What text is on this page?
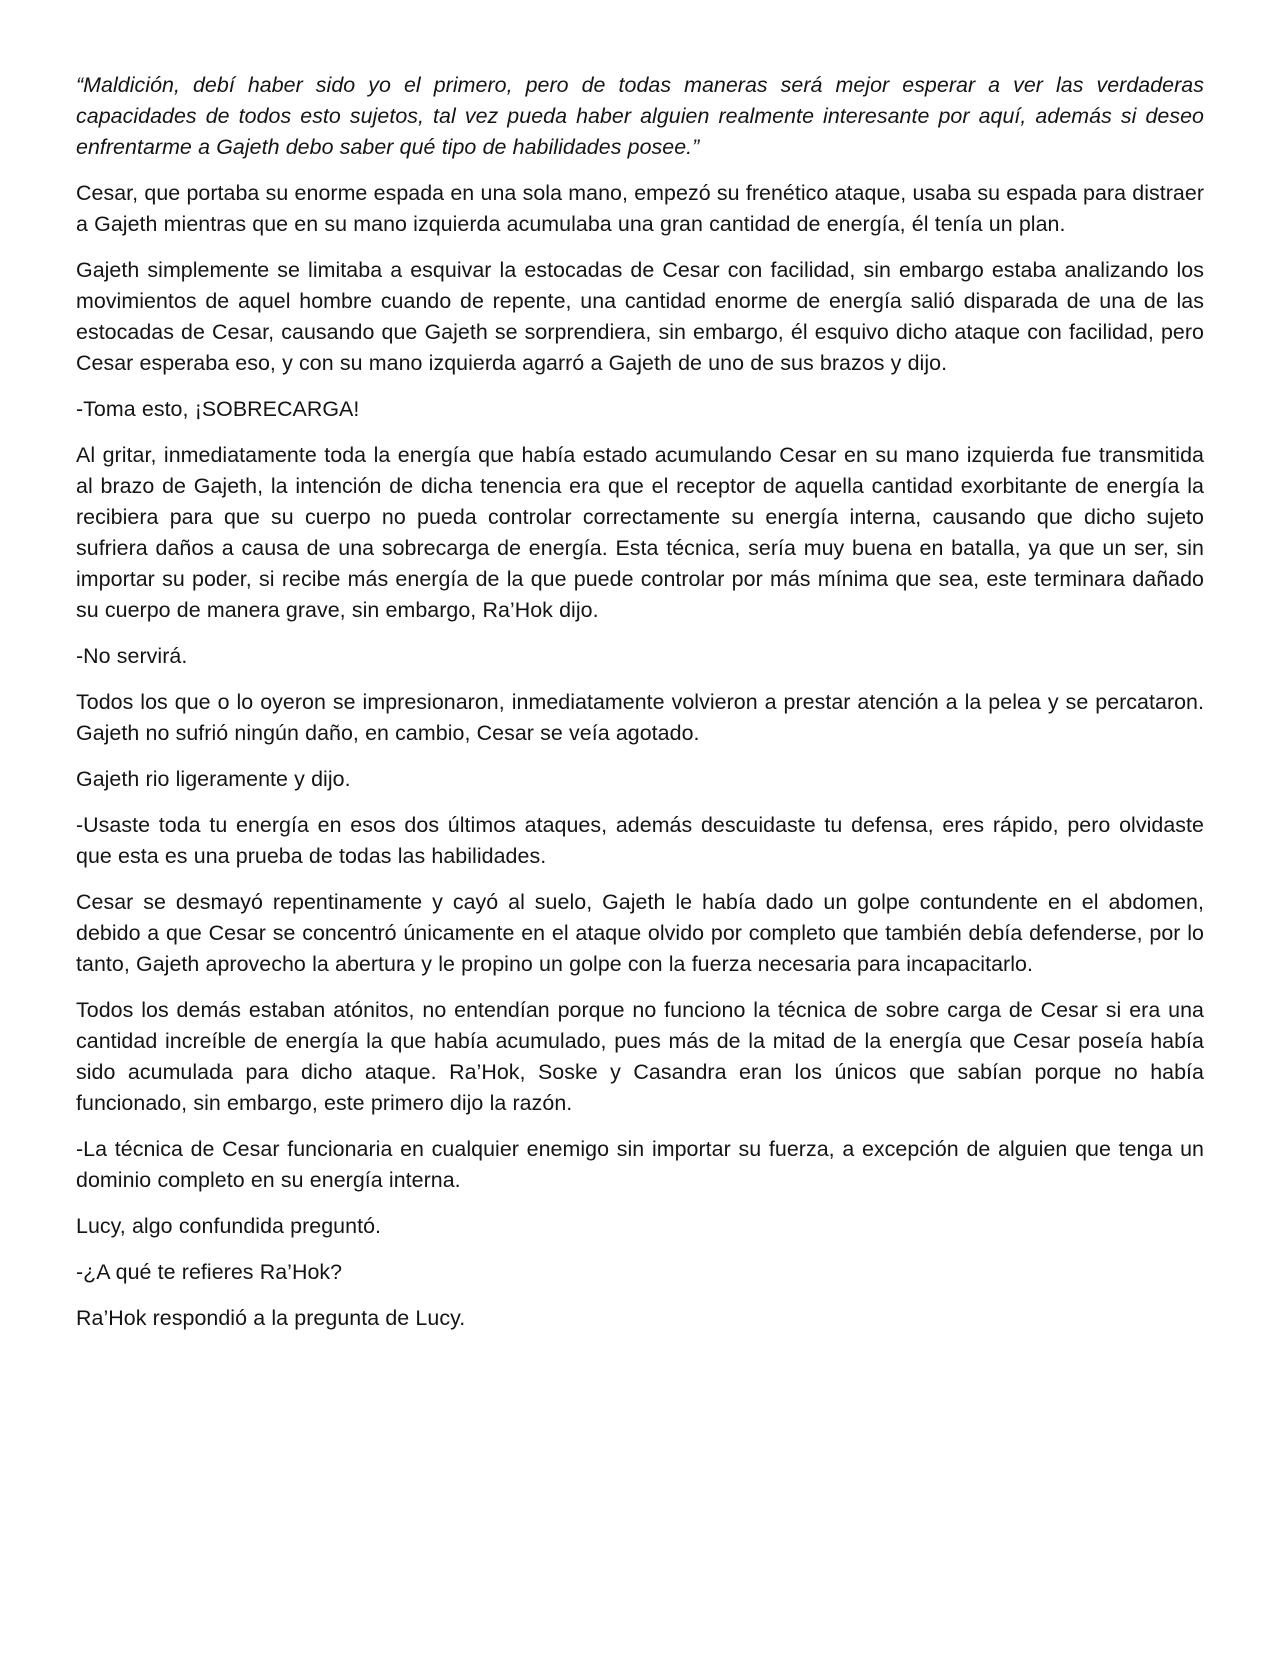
“Maldición, debí haber sido yo el primero, pero de todas maneras será mejor esperar a ver las verdaderas capacidades de todos esto sujetos, tal vez pueda haber alguien realmente interesante por aquí, además si deseo enfrentarme a Gajeth debo saber qué tipo de habilidades posee.”

Cesar, que portaba su enorme espada en una sola mano, empezó su frenético ataque, usaba su espada para distraer a Gajeth mientras que en su mano izquierda acumulaba una gran cantidad de energía, él tenía un plan.

Gajeth simplemente se limitaba a esquivar la estocadas de Cesar con facilidad, sin embargo estaba analizando los movimientos de aquel hombre cuando de repente, una cantidad enorme de energía salió disparada de una de las estocadas de Cesar, causando que Gajeth se sorprendiera, sin embargo, él esquivo dicho ataque con facilidad, pero Cesar esperaba eso, y con su mano izquierda agarró a Gajeth de uno de sus brazos y dijo.

-Toma esto, ¡SOBRECARGA!

Al gritar, inmediatamente toda la energía que había estado acumulando Cesar en su mano izquierda fue transmitida al brazo de Gajeth, la intención de dicha tenencia era que el receptor de aquella cantidad exorbitante de energía la recibiera para que su cuerpo no pueda controlar correctamente su energía interna, causando que dicho sujeto sufriera daños a causa de una sobrecarga de energía. Esta técnica, sería muy buena en batalla, ya que un ser, sin importar su poder, si recibe más energía de la que puede controlar por más mínima que sea, este terminara dañado su cuerpo de manera grave, sin embargo, Ra’Hok dijo.

-No servirá.

Todos los que o lo oyeron se impresionaron, inmediatamente volvieron a prestar atención a la pelea y se percataron. Gajeth no sufrió ningún daño, en cambio, Cesar se veía agotado.

Gajeth rio ligeramente y dijo.

-Usaste toda tu energía en esos dos últimos ataques, además descuidaste tu defensa, eres rápido, pero olvidaste que esta es una prueba de todas las habilidades.

Cesar se desmayó repentinamente y cayó al suelo, Gajeth le había dado un golpe contundente en el abdomen, debido a que Cesar se concentró únicamente en el ataque olvido por completo que también debía defenderse, por lo tanto, Gajeth aprovecho la abertura y le propino un golpe con la fuerza necesaria para incapacitarlo.

Todos los demás estaban atónitos, no entendían porque no funciono la técnica de sobre carga de Cesar si era una cantidad increíble de energía la que había acumulado, pues más de la mitad de la energía que Cesar poseía había sido acumulada para dicho ataque. Ra’Hok, Soske y Casandra eran los únicos que sabían porque no había funcionado, sin embargo, este primero dijo la razón.

-La técnica de Cesar funcionaria en cualquier enemigo sin importar su fuerza, a excepción de alguien que tenga un dominio completo en su energía interna.

Lucy, algo confundida preguntó.

-¿A qué te refieres Ra’Hok?

Ra’Hok respondió a la pregunta de Lucy.
